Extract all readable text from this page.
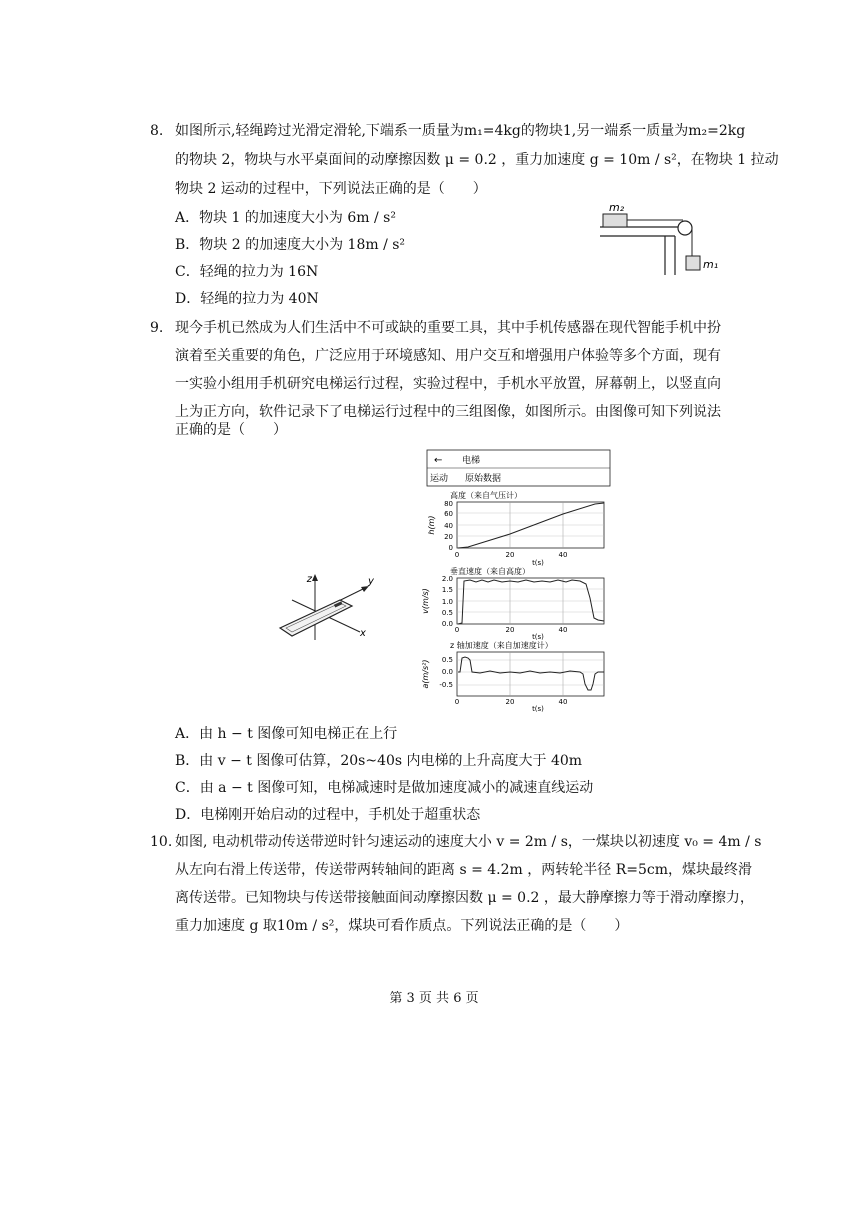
8. 如图所示,轻绳跨过光滑定滑轮,下端系一质量为m₁=4kg的物块1,另一端系一质量为m₂=2kg
的物块 2，物块与水平桌面间的动摩擦因数 μ = 0.2 ，重力加速度 g = 10m / s²，在物块 1 拉动
物块 2 运动的过程中，下列说法正确的是（　　）
A．物块 1 的加速度大小为 6m / s²
B．物块 2 的加速度大小为 18m / s²
C．轻绳的拉力为 16N
D．轻绳的拉力为 40N
m₂
m₁
9. 现今手机已然成为人们生活中不可或缺的重要工具，其中手机传感器在现代智能手机中扮
演着至关重要的角色，广泛应用于环境感知、用户交互和增强用户体验等多个方面，现有
一实验小组用手机研究电梯运行过程，实验过程中，手机水平放置，屏幕朝上，以竖直向
上为正方向，软件记录下了电梯运行过程中的三组图像，如图所示。由图像可知下列说法
正确的是（　　）
z	y
x
← 电梯
运动 原始数据
高度（来自气压计）
80
60
40
20
0
h(m)
0	20	40
t(s)
垂直速度（来自高度）
2.0
1.5
1.0
0.5
0.0
v(m/s)
0	20	40
t(s)
z 轴加速度（来自加速度计）
0.5
0.0
-0.5
a(m/s²)
0	20	40
t(s)
A．由 h − t 图像可知电梯正在上行
B．由 v − t 图像可估算，20s~40s 内电梯的上升高度大于 40m
C．由 a − t 图像可知，电梯减速时是做加速度减小的减速直线运动
D．电梯刚开始启动的过程中，手机处于超重状态
10. 如图, 电动机带动传送带逆时针匀速运动的速度大小 v = 2m / s，一煤块以初速度 v₀ = 4m / s
从左向右滑上传送带，传送带两转轴间的距离 s = 4.2m ，两转轮半径 R=5cm，煤块最终滑
离传送带。已知物块与传送带接触面间动摩擦因数 μ = 0.2 ，最大静摩擦力等于滑动摩擦力，
重力加速度 g 取10m / s²，煤块可看作质点。下列说法正确的是（　　）
第 3 页 共 6 页
